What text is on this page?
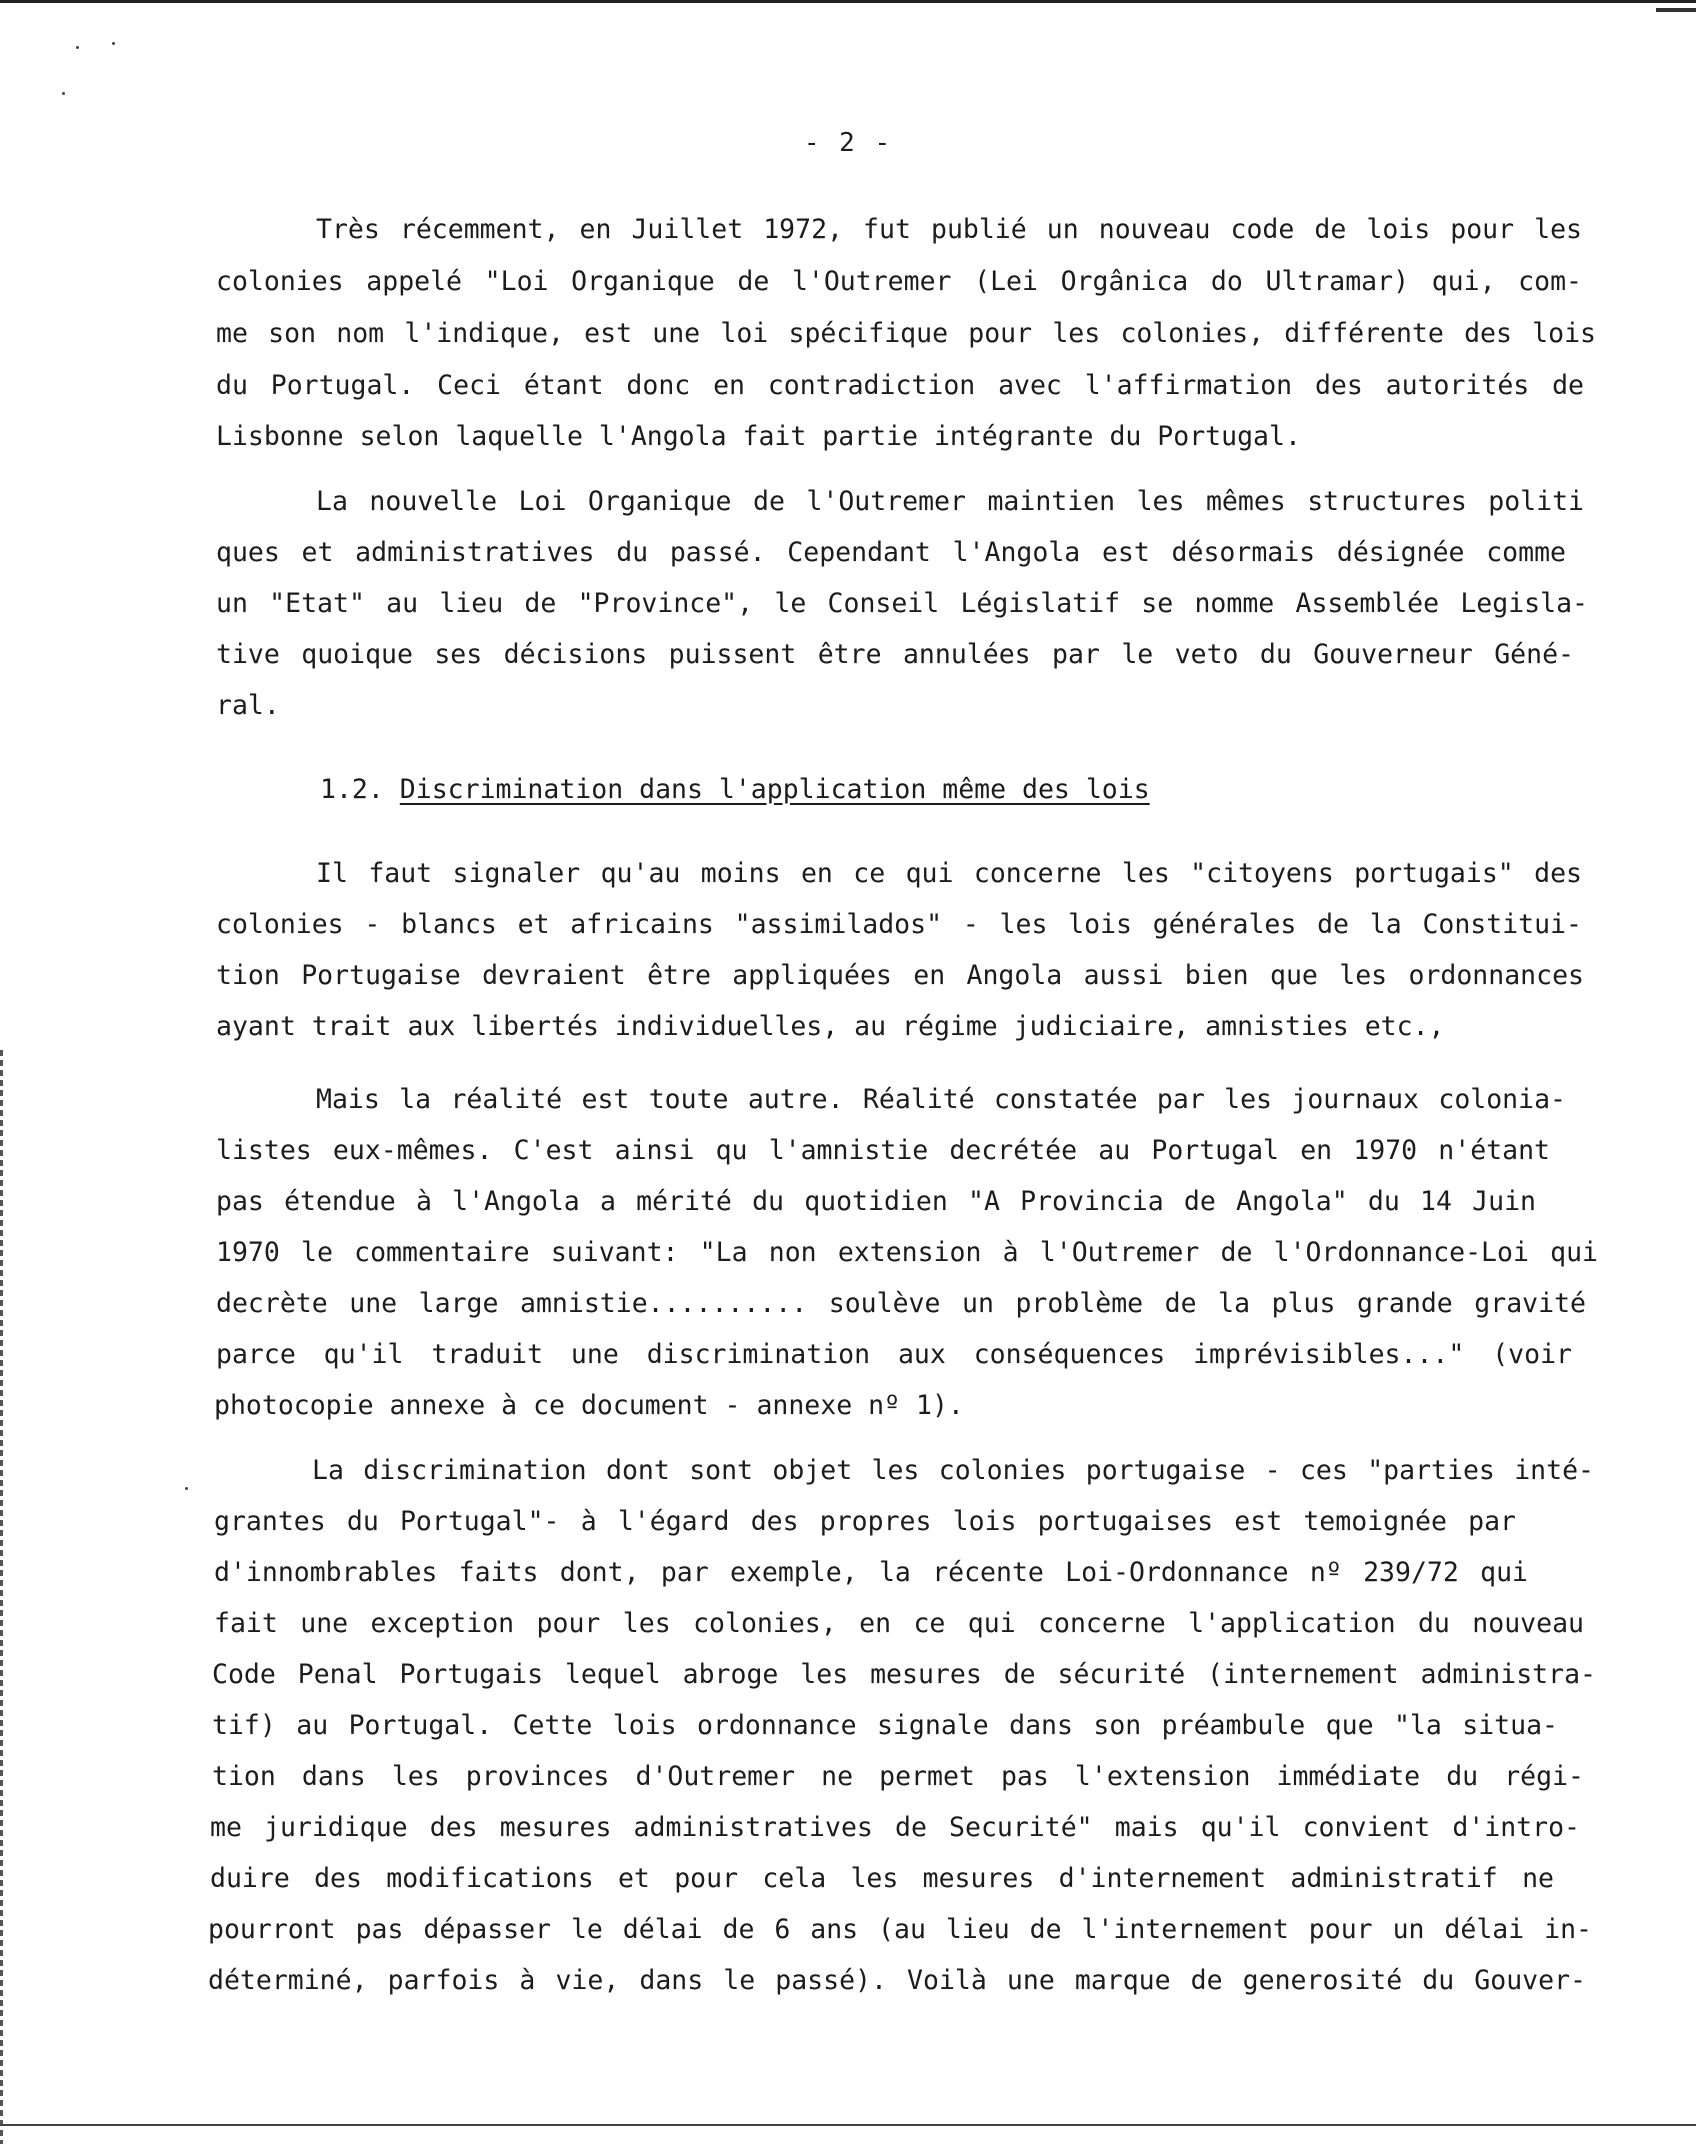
- 2 -
Très récemment, en Juillet 1972, fut publié un nouveau code de lois pour les
colonies appelé "Loi Organique de l'Outremer (Lei Orgânica do Ultramar) qui, com-
me son nom l'indique, est une loi spécifique pour les colonies, différente des lois
du Portugal. Ceci étant donc en contradiction avec l'affirmation des autorités de
Lisbonne selon laquelle l'Angola fait partie intégrante du Portugal.
La nouvelle Loi Organique de l'Outremer maintien les mêmes structures politi
ques et administratives du passé. Cependant l'Angola est désormais désignée comme
un "Etat" au lieu de "Province", le Conseil Législatif se nomme Assemblée Legisla-
tive quoique ses décisions puissent être annulées par le veto du Gouverneur Géné-
ral.
1.2. Discrimination dans l'application même des lois
Il faut signaler qu'au moins en ce qui concerne les "citoyens portugais" des
colonies - blancs et africains "assimilados" - les lois générales de la Constitui-
tion Portugaise devraient être appliquées en Angola aussi bien que les ordonnances
ayant trait aux libertés individuelles, au régime judiciaire, amnisties etc.,
Mais la réalité est toute autre. Réalité constatée par les journaux colonia-
listes eux-mêmes. C'est ainsi qu l'amnistie decrétée au Portugal en 1970 n'étant
pas étendue à l'Angola a mérité du quotidien "A Provincia de Angola" du 14 Juin
1970 le commentaire suivant: "La non extension à l'Outremer de l'Ordonnance-Loi qui
decrète une large amnistie.......... soulève un problème de la plus grande gravité
parce qu'il traduit une discrimination aux conséquences imprévisibles..." (voir
photocopie annexe à ce document - annexe nº 1).
La discrimination dont sont objet les colonies portugaise - ces "parties inté-
grantes du Portugal"- à l'égard des propres lois portugaises est temoignée par
d'innombrables faits dont, par exemple, la récente Loi-Ordonnance nº 239/72 qui
fait une exception pour les colonies, en ce qui concerne l'application du nouveau
Code Penal Portugais lequel abroge les mesures de sécurité (internement administra-
tif) au Portugal. Cette lois ordonnance signale dans son préambule que "la situa-
tion dans les provinces d'Outremer ne permet pas l'extension immédiate du régi-
me juridique des mesures administratives de Securité" mais qu'il convient d'intro-
duire des modifications et pour cela les mesures d'internement administratif ne
pourront pas dépasser le délai de 6 ans (au lieu de l'internement pour un délai in-
déterminé, parfois à vie, dans le passé). Voilà une marque de generosité du Gouver-
